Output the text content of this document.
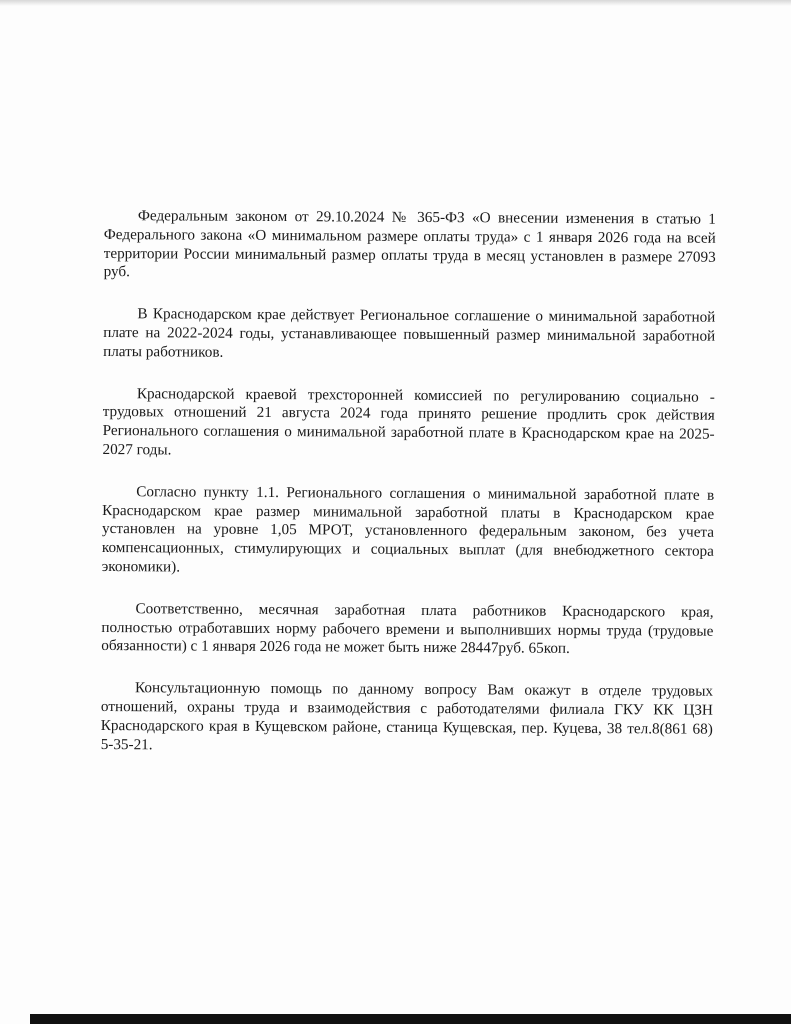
Федеральным законом от 29.10.2024 № 365-ФЗ «О внесении изменения в статью 1 Федерального закона «О минимальном размере оплаты труда» с 1 января 2026 года на всей территории России минимальный размер оплаты труда в месяц установлен в размере 27093 руб.

В Краснодарском крае действует Региональное соглашение о минимальной заработной плате на 2022-2024 годы, устанавливающее повышенный размер минимальной заработной платы работников.

Краснодарской краевой трехсторонней комиссией по регулированию социально - трудовых отношений 21 августа 2024 года принято решение продлить срок действия Регионального соглашения о минимальной заработной плате в Краснодарском крае на 2025-2027 годы.

Согласно пункту 1.1. Регионального соглашения о минимальной заработной плате в Краснодарском крае размер минимальной заработной платы в Краснодарском крае установлен на уровне 1,05 МРОТ, установленного федеральным законом, без учета компенсационных, стимулирующих и социальных выплат (для внебюджетного сектора экономики).

Соответственно, месячная заработная плата работников Краснодарского края, полностью отработавших норму рабочего времени и выполнивших нормы труда (трудовые обязанности) с 1 января 2026 года не может быть ниже 28447руб. 65коп.

Консультационную помощь по данному вопросу Вам окажут в отделе трудовых отношений, охраны труда и взаимодействия с работодателями филиала ГКУ КК ЦЗН Краснодарского края в Кущевском районе, станица Кущевская, пер. Куцева, 38 тел.8(861 68) 5-35-21.
